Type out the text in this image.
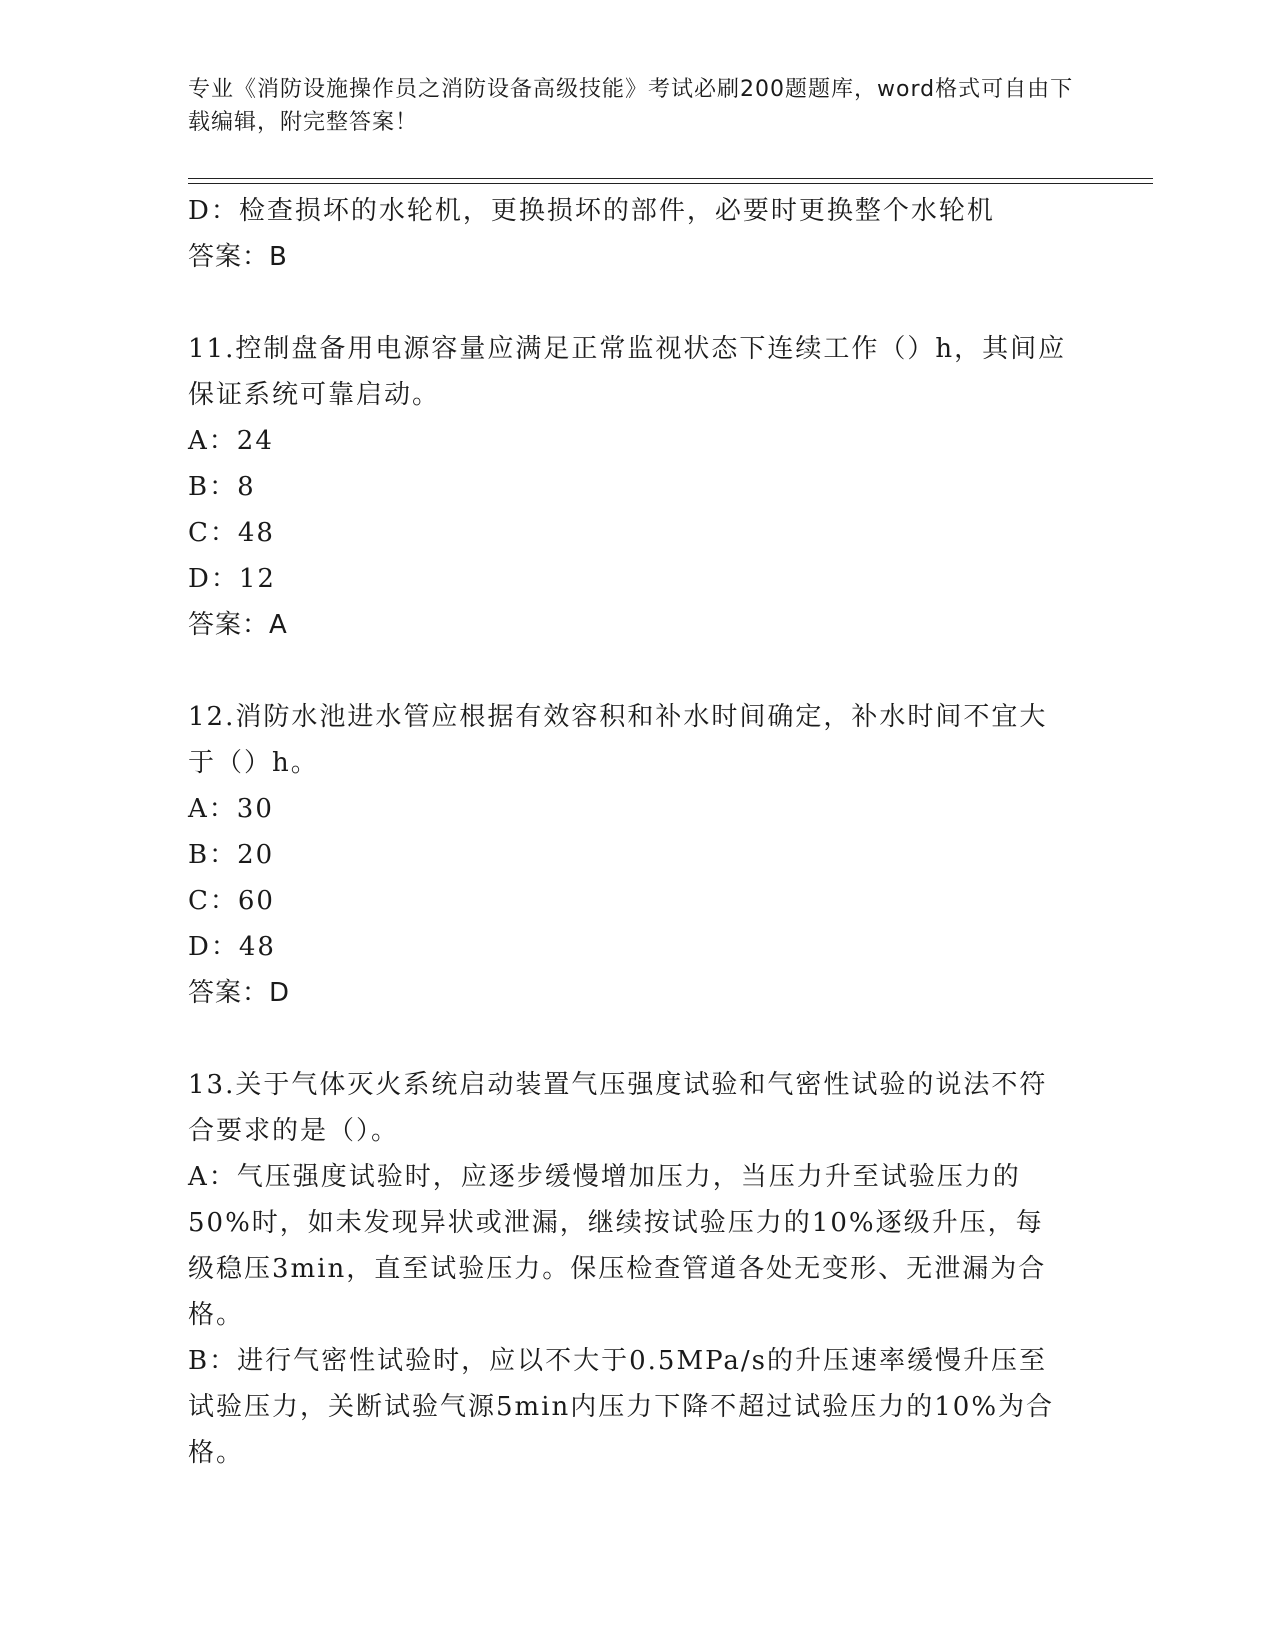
专业《消防设施操作员之消防设备高级技能》考试必刷200题题库，word格式可自由下载编辑，附完整答案！

D：检查损坏的水轮机，更换损坏的部件，必要时更换整个水轮机

答案：B

11.控制盘备用电源容量应满足正常监视状态下连续工作（）h，其间应保证系统可靠启动。

A：24

B：8

C：48

D：12

答案：A

12.消防水池进水管应根据有效容积和补水时间确定，补水时间不宜大于（）h。

A：30

B：20

C：60

D：48

答案：D

13.关于气体灭火系统启动装置气压强度试验和气密性试验的说法不符合要求的是（）。

A：气压强度试验时，应逐步缓慢增加压力，当压力升至试验压力的50%时，如未发现异状或泄漏，继续按试验压力的10%逐级升压，每级稳压3min，直至试验压力。保压检查管道各处无变形、无泄漏为合格。

B：进行气密性试验时，应以不大于0.5MPa/s的升压速率缓慢升压至试验压力，关断试验气源5min内压力下降不超过试验压力的10%为合格。
